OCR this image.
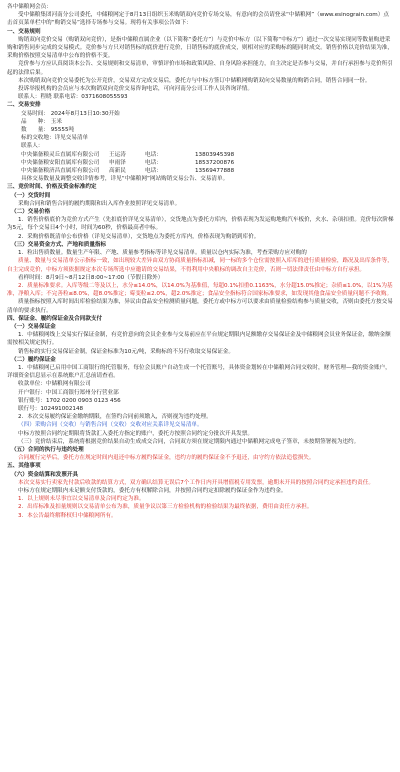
各中储粮网会员：

受中储粮集团河南分公司委托，中储粮网定于8月13日组织玉米购销双向竞价专场交易，有意向的会员请登录“中储粮网”（www.esinograin.com）点击首页菜单栏中的“购销交易”选择专场参与交易。现将有关事项公告如下：

一、交易规则

购销双向竞价交易（购销双向竞价），是指中储粮直属企业（以下简称“委托方”）与竞价中标方（以下简称“中标方”）通过一次交易实现同等数量购进采购和销售同步完成的交易模式。竞价参与方只对销售标的底价进行竞价，日销售标的底价成交，则相对应的采购标的随同时成交。销售价格以竞价结果为准，采购价格按照交易清单中公布的价格不变。

竞价参与方应认真阅读本公告、交易规则和交易清单，审慎评价市场和政策风险、自身风险承担能力，自主决定是否参与交易，并自行承担参与竞价所引起的法律后果。

本次购销双向竞价交易委托为公开竞价，交易双方完成交易后，委托方与中标方签订中储粮网购销双向交易数量的购销合同，销售合同同一份。

投诉举报机构的会员应与本次购销双向竞价交易咨询电话，可向河南分公司工作人员咨询详情。

联系人：程晓 联系电话：0371608055593

二、交易安排

交易时间： 2024年8月13日10:30开始

品　　种： 玉米

数　　量： 95555吨

标的交收地：详见交易清单

联系人：

中央储备粮灵丘直属库有限公司	王运涛	电话：	13803945398
中央储备粮安阳直属库有限公司	申雨泽	电话：	18537200876
中央储备粮济昌直属库有限公司	高新民	电话：	13569477888

具体交易数量及调整交收详情参考，详见“中储粮网”网站购销交易公告、交易清单。

三、竞价时间、价格及资金标准约定

（一）交货时间

采购合同和销售合同的履约期限和出入库作业按照详见交易清单。

（二）交易价格

1．销售价格底价为竞价方式产生（先扣底价详见交易清单），交货地点为委托方库内，价格表现为发运购地购汽车板价，火水、杂项扣重。竞价每次阶梯为5元，每个交易日4个小时，时间为60秒，价格最高者中标。

2．采购价格既清单公布价格（详见交易清单），交货地点为委托方库内，价格表现为购销到库价。

（三）交易资金方式、产地和质量指标

1．粒出售质数量。数量生产年限、产地、质量参考指标等详见交易清单。质量以仓内实际为准，考查采购方应对购的

质量、数量与交易清单公示指标一致，如出现较大差异由双方协商质量指标扣减，同一标的多个仓位需按照入库库的进行质量检验，路况及出库条件等，自主完成竞价，中标方须依据规定本次专场所选中应邀请的交易结果，不得利用中央粮标的调改自主竞价，否则一切法律责任由中标方自行承担。

看样时间：8月9日~8月12日8:00~17:00（节假日除外）

2．质量标准要求。入库等级二等及以上，水分≤14.0%，以14.0%为基准值，每超0.1%扣重0.1163%，水分超15.0%推定；杂质≤1.0%，以1%为基准，净粮入库；不完善粒≤8.0%，超8.0%推定；霉变粒≤2.0%，超2.0%推定；食品安全指标符合国家标准要求，如发现其他食品安全质量问题不予收购。

质量指标按照入库时间出库检验结果为准，异议由食品安全检测质量问题，委托方或中标方可以要求由质量检验结构参与质量交收，否则由委托方按交易清单的要求执行。

四、保证金、履约保证金及合同款支付

（一）交易保证金

1．中储粮网线上交易实行保证金制，有竞价意向的会员企业参与交易前应在平台规定期限内足额缴存交易保证金及中储粮网会员业务保证金，缴纳金额需按相关规定执行。

销售标的实行交易保证金制，保证金标准为10元/吨，采购标的不另行收取交易保证金。

（二）履约保证金

1．中储粮网已启用中国工商银行的托管服务，每位会员账户自动生成一个托管账号，具体资金划转在中储粮网合同交收时，财务管理—我的资金账户，详细资金信息显示在系统账户汇总前请查看。

收款单位：中储粮网有限公司

开户银行：中国工商银行郑州分行营业部

银行账号：1702 0200 0903 0123 456

联行号：102491002148

2．本次交易履约保证金缴纳期限，在签约合同前须缴入，否则视为违约处理。

（四）采购合同（交收）与销售合同（交收）交收对应关系详见交易清单。

中标方按照合同约定期限将货款汇入委托方指定的账户，委托方按照合同约定分批次开具发票。

（三）竞价结束后，系统将根据竞价结果自动生成成交合同，合同双方须在规定期限内通过中储粮网完成电子签章，未按期签署视为违约。

（五）合同的执行与违约处理

合同履行完毕后，委托方在规定时间内退还中标方履约保证金，违约方的履约保证金不予退还，由守约方依法追偿损失。

五、其他事项

（六）资金结算和发票开具

本次交易实行卖家先付款后收款的结算方式，双方确认结算无误后7个工作日内开具增值税专用发票，逾期未开具的按照合同约定承担违约责任。

中标方在规定期限内未足额支付货款的，委托方有权解除合同，并按照合同约定扣除履约保证金作为违约金。

1．以上规则未尽事宜以交易清单及合同约定为准。

2．出库标准及扣量规则以交易清单公布为准，质量争议以第三方检验机构的检验结果为最终依据，费用由责任方承担。

3．本公告最终解释权归中储粮网所有。
